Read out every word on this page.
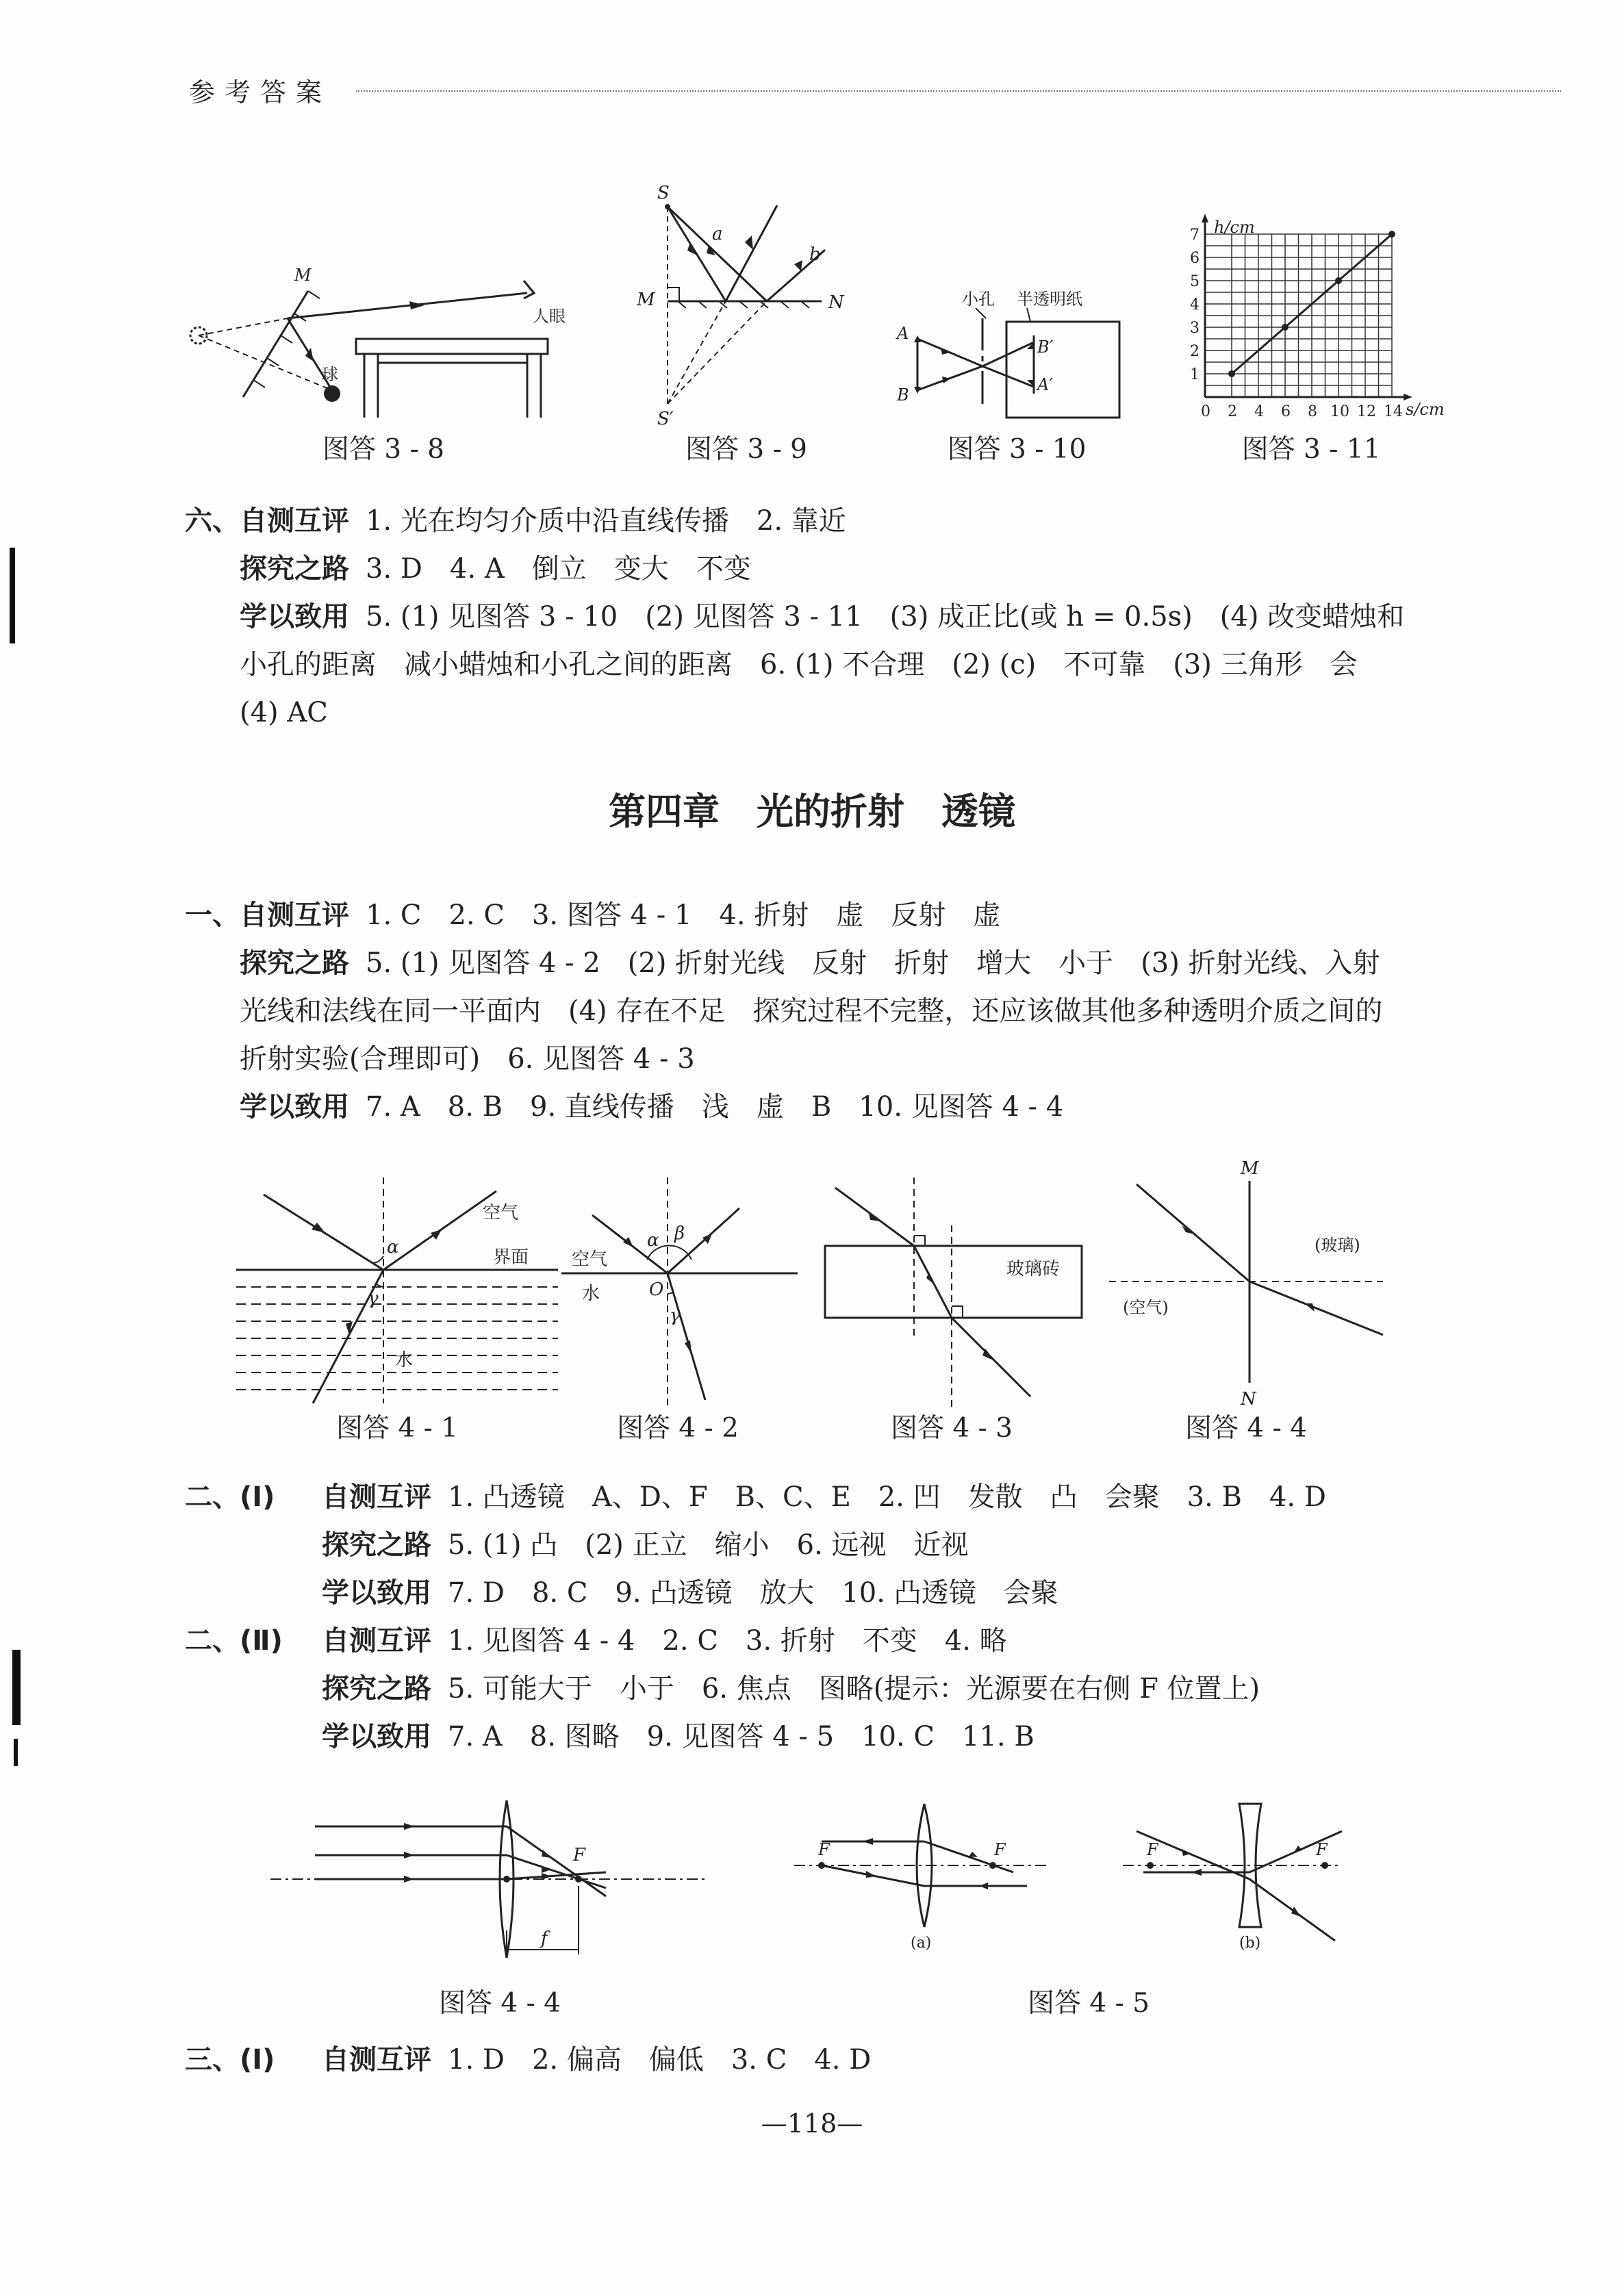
参考答案
M
人眼
球
图答 3 - 8
S
a
b
M	N
S′
图答 3 - 9
小孔 半透明纸
A
B
B′
A′
图答 3 - 10
7
6
5
4
3
2
1
0 2 4 6 8 10 12 14
h/cm
s/cm
图答 3 - 11
六、自测互评 1. 光在均匀介质中沿直线传播　2. 靠近
探究之路 3. D　4. A　倒立　变大　不变
学以致用 5. (1) 见图答 3 - 10　(2) 见图答 3 - 11　(3) 成正比(或 h = 0.5s)　(4) 改变蜡烛和
小孔的距离　减小蜡烛和小孔之间的距离　6. (1) 不合理　(2) (c)　不可靠　(3) 三角形　会
(4) AC
第四章　光的折射　透镜
一、自测互评 1. C　2. C　3. 图答 4 - 1　4. 折射　虚　反射　虚
探究之路 5. (1) 见图答 4 - 2　(2) 折射光线　反射　折射　增大　小于　(3) 折射光线、入射
光线和法线在同一平面内　(4) 存在不足　探究过程不完整，还应该做其他多种透明介质之间的
折射实验(合理即可)　6. 见图答 4 - 3
学以致用 7. A　8. B　9. 直线传播　浅　虚　B　10. 见图答 4 - 4
空气
界面
水
α
γ
图答 4 - 1
空气
水	O
α β
γ
图答 4 - 2
玻璃砖
图答 4 - 3
M
N
(玻璃)
(空气)
图答 4 - 4
二、(Ⅰ) 自测互评 1. 凸透镜　A、D、F　B、C、E　2. 凹　发散　凸　会聚　3. B　4. D
探究之路 5. (1) 凸　(2) 正立　缩小　6. 远视　近视
学以致用 7. D　8. C　9. 凸透镜　放大　10. 凸透镜　会聚
二、(Ⅱ) 自测互评 1. 见图答 4 - 4　2. C　3. 折射　不变　4. 略
探究之路 5. 可能大于　小于　6. 焦点　图略(提示：光源要在右侧 F 位置上)
学以致用 7. A　8. 图略　9. 见图答 4 - 5　10. C　11. B
F
f
图答 4 - 4
F	F
(a)
F	F
(b)
图答 4 - 5
三、(Ⅰ) 自测互评 1. D　2. 偏高　偏低　3. C　4. D
—118—
